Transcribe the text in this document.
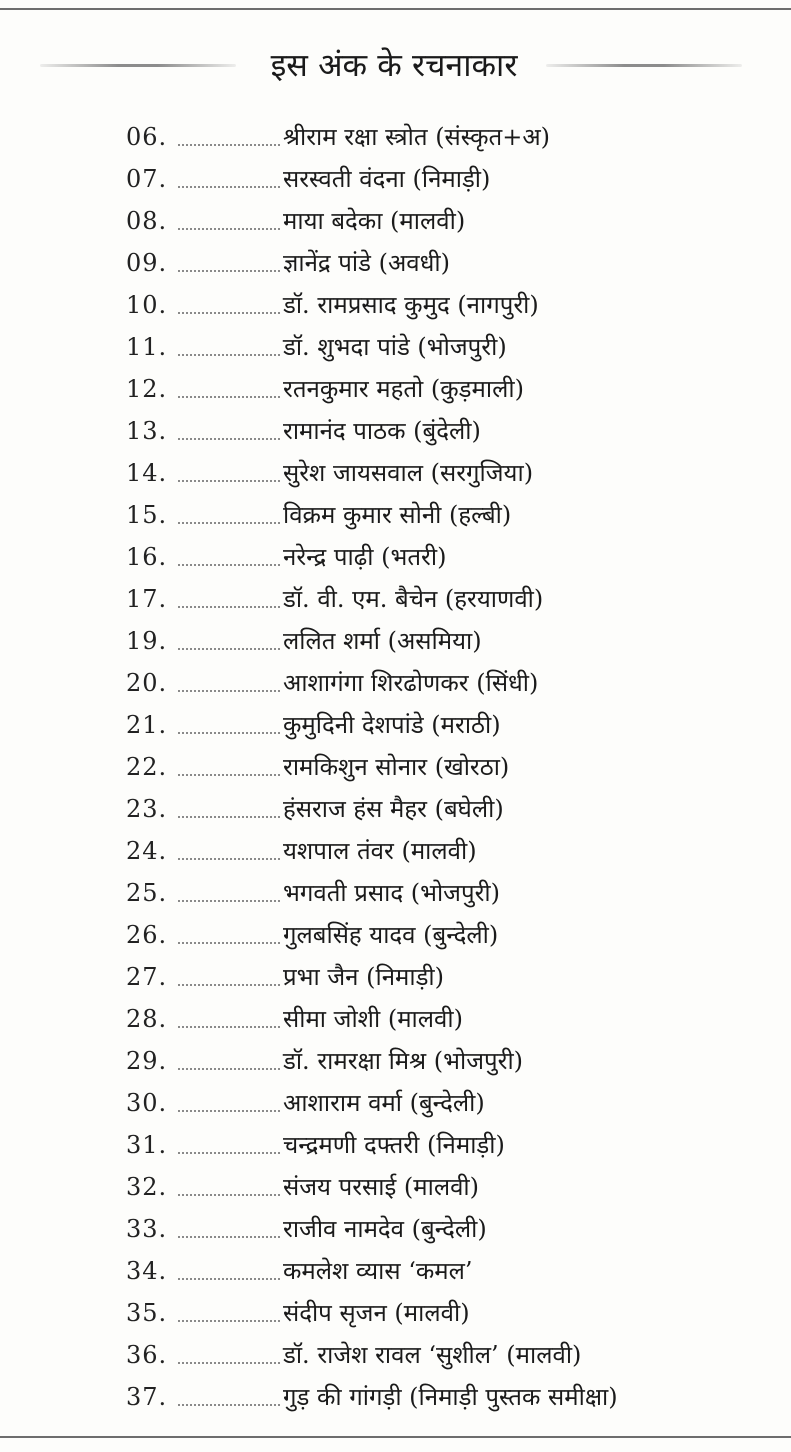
इस अंक के रचनाकार
06.	श्रीराम रक्षा स्त्रोत (संस्कृत+अ)
07.	सरस्वती वंदना (निमाड़ी)
08.	माया बदेका (मालवी)
09.	ज्ञानेंद्र पांडे (अवधी)
10.	डॉ. रामप्रसाद कुमुद (नागपुरी)
11.	डॉ. शुभदा पांडे (भोजपुरी)
12.	रतनकुमार महतो (कुड़माली)
13.	रामानंद पाठक (बुंदेली)
14.	सुरेश जायसवाल (सरगुजिया)
15.	विक्रम कुमार सोनी (हल्बी)
16.	नरेन्द्र पाढ़ी (भतरी)
17.	डॉ. वी. एम. बैचेन (हरयाणवी)
19.	ललित शर्मा (असमिया)
20.	आशागंगा शिरढोणकर (सिंधी)
21.	कुमुदिनी देशपांडे (मराठी)
22.	रामकिशुन सोनार (खोरठा)
23.	हंसराज हंस मैहर (बघेली)
24.	यशपाल तंवर (मालवी)
25.	भगवती प्रसाद (भोजपुरी)
26.	गुलबसिंह यादव (बुन्देली)
27.	प्रभा जैन (निमाड़ी)
28.	सीमा जोशी (मालवी)
29.	डॉ. रामरक्षा मिश्र (भोजपुरी)
30.	आशाराम वर्मा (बुन्देली)
31.	चन्द्रमणी दफ्तरी (निमाड़ी)
32.	संजय परसाई (मालवी)
33.	राजीव नामदेव (बुन्देली)
34.	कमलेश व्यास ‘कमल’
35.	संदीप सृजन (मालवी)
36.	डॉ. राजेश रावल ‘सुशील’ (मालवी)
37.	गुड़ की गांगड़ी (निमाड़ी पुस्तक समीक्षा)
